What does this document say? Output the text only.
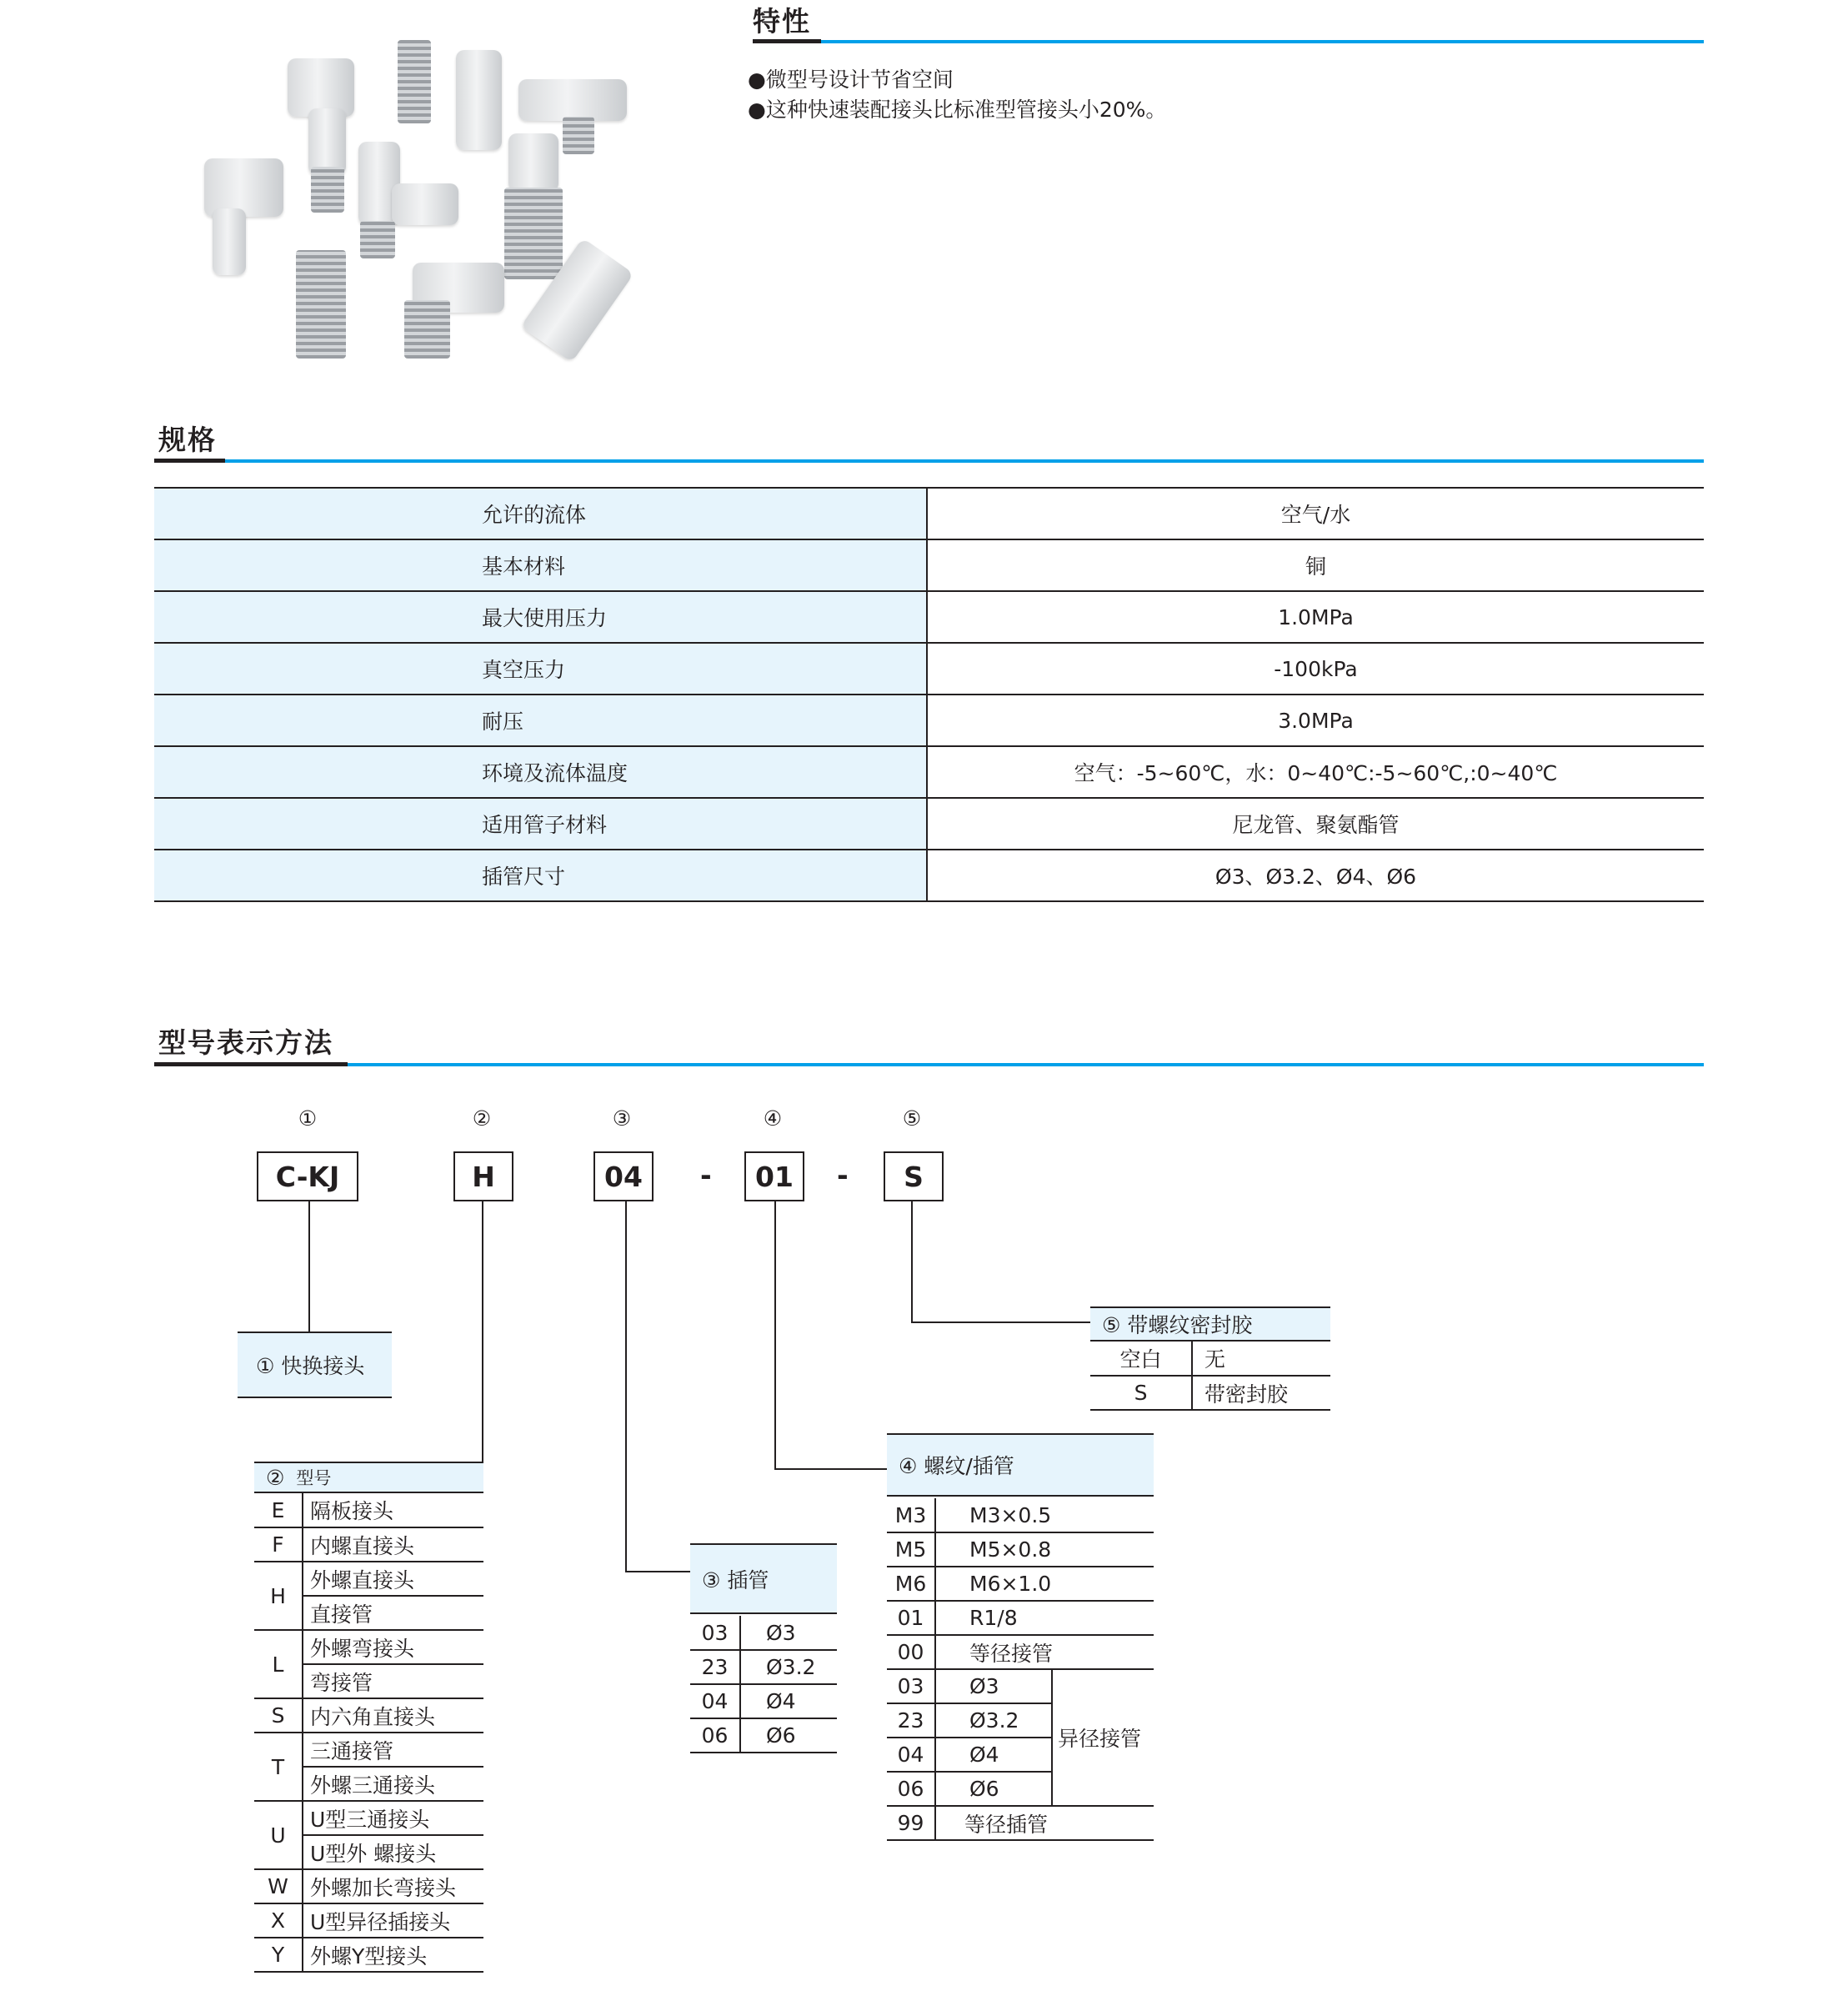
特性
●微型号设计节省空间
●这种快速装配接头比标准型管接头小20%。
规格
允许的流体	空气/水
基本材料	铜
最大使用压力	1.0MPa
真空压力	-100kPa
耐压	3.0MPa
环境及流体温度	空气：-5~60℃，水：0~40℃:-5~60℃,:0~40℃
适用管子材料	尼龙管、聚氨酯管
插管尺寸	Ø3、Ø3.2、Ø4、Ø6
型号表示方法
①	②	③	④	⑤
C-KJ	H	04	-	01	-	S
① 快换接头
② 型号
E	隔板接头
F	内螺直接头
H	外螺直接头
	直接管
L	外螺弯接头
	弯接管
S	内六角直接头
T	三通接管
	外螺三通接头
U	U型三通接头
	U型外 螺接头
W	外螺加长弯接头
X	U型异径插接头
Y	外螺Y型接头
③ 插管
03	Ø3
23	Ø3.2
04	Ø4
06	Ø6
④ 螺纹/插管
M3	M3×0.5	
M5	M5×0.8	
M6	M6×1.0	
01	R1/8	
00	等径接管	
03	Ø3	异径接管
23	Ø3.2	
04	Ø4	
06	Ø6	
99	等径插管	
⑤ 带螺纹密封胶
空白	无
S	带密封胶
